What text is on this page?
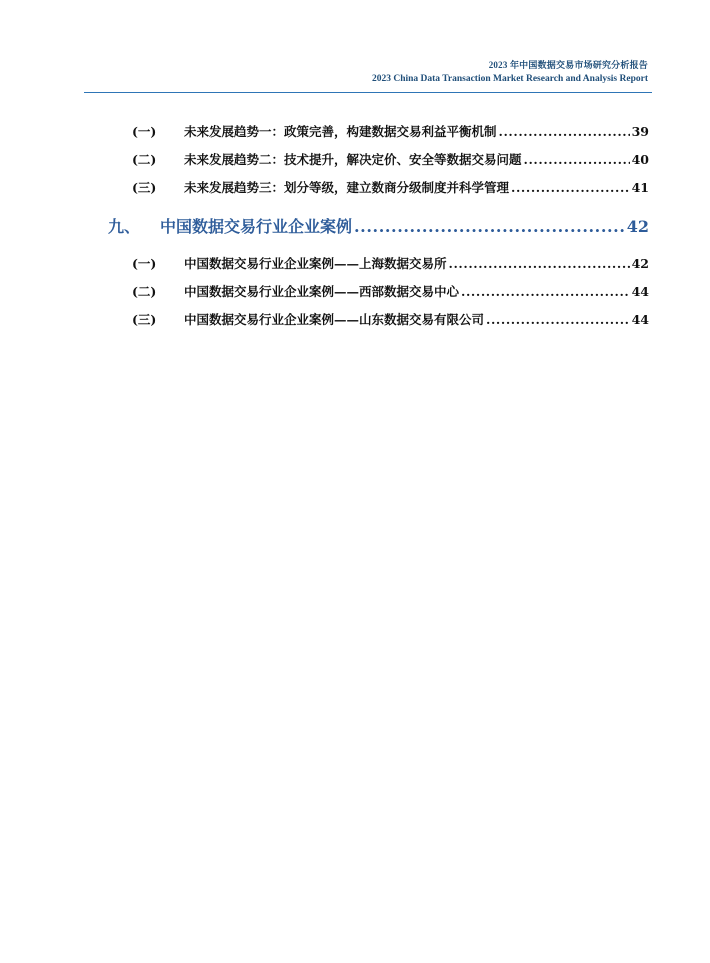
2023 年中国数据交易市场研究分析报告
2023 China Data Transaction Market Research and Analysis Report
(一)	未来发展趋势一：政策完善，构建数据交易利益平衡机制 .....	39
(二)	未来发展趋势二：技术提升，解决定价、安全等数据交易问题 .....	40
(三)	未来发展趋势三：划分等级，建立数商分级制度并科学管理 .....	41
九、	中国数据交易行业企业案例 .....	42
(一)	中国数据交易行业企业案例——上海数据交易所 .....	42
(二)	中国数据交易行业企业案例——西部数据交易中心 .....	44
(三)	中国数据交易行业企业案例——山东数据交易有限公司 .....	44
